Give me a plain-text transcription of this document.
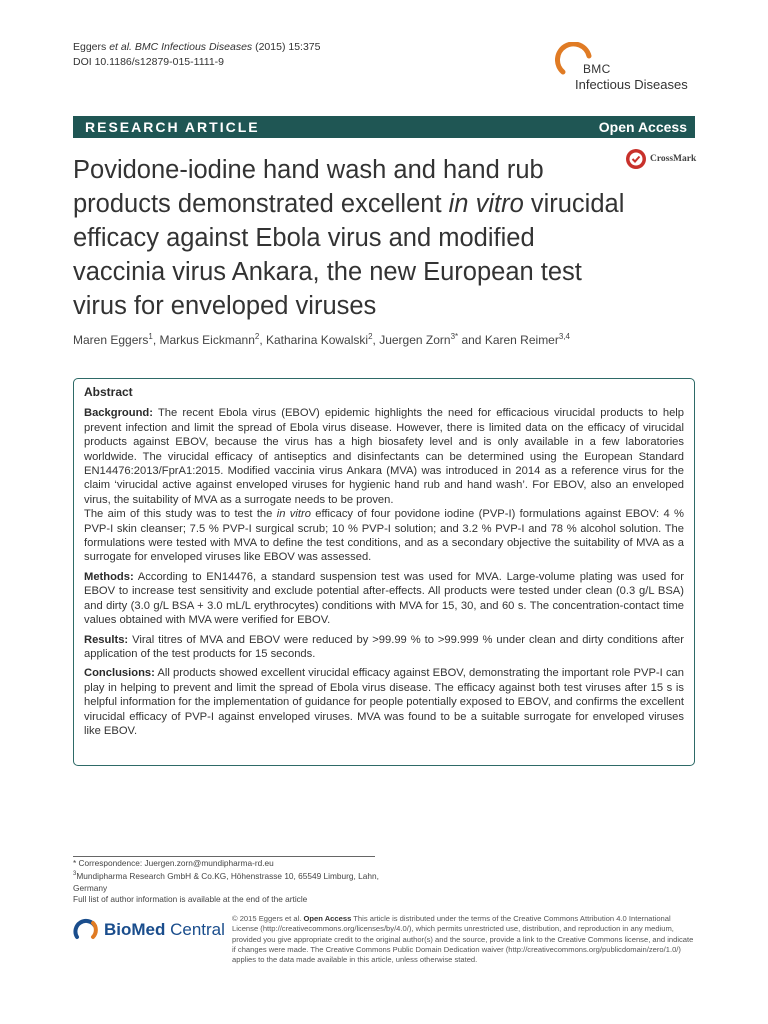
Eggers et al. BMC Infectious Diseases (2015) 15:375
DOI 10.1186/s12879-015-1111-9	BMC
Infectious Diseases
RESEARCH ARTICLE	Open Access
CrossMark
Povidone-iodine hand wash and hand rub products demonstrated excellent in vitro virucidal efficacy against Ebola virus and modified vaccinia virus Ankara, the new European test virus for enveloped viruses
Maren Eggers$^1$, Markus Eickmann$^2$, Katharina Kowalski$^2$, Juergen Zorn$^{3*}$ and Karen Reimer$^{3,4}$
Abstract

Background: The recent Ebola virus (EBOV) epidemic highlights the need for efficacious virucidal products to help prevent infection and limit the spread of Ebola virus disease. However, there is limited data on the efficacy of virucidal products against EBOV, because the virus has a high biosafety level and is only available in a few laboratories worldwide. The virucidal efficacy of antiseptics and disinfectants can be determined using the European Standard EN14476:2013/FprA1:2015. Modified vaccinia virus Ankara (MVA) was introduced in 2014 as a reference virus for the claim ‘virucidal active against enveloped viruses for hygienic hand rub and hand wash’. For EBOV, also an enveloped virus, the suitability of MVA as a surrogate needs to be proven.

The aim of this study was to test the in vitro efficacy of four povidone iodine (PVP-I) formulations against EBOV: 4 % PVP-I skin cleanser; 7.5 % PVP-I surgical scrub; 10 % PVP-I solution; and 3.2 % PVP-I and 78 % alcohol solution. The formulations were tested with MVA to define the test conditions, and as a secondary objective the suitability of MVA as a surrogate for enveloped viruses like EBOV was assessed.

Methods: According to EN14476, a standard suspension test was used for MVA. Large-volume plating was used for EBOV to increase test sensitivity and exclude potential after-effects. All products were tested under clean (0.3 g/L BSA) and dirty (3.0 g/L BSA + 3.0 mL/L erythrocytes) conditions with MVA for 15, 30, and 60 s. The concentration-contact time values obtained with MVA were verified for EBOV.

Results: Viral titres of MVA and EBOV were reduced by >99.99 % to >99.999 % under clean and dirty conditions after application of the test products for 15 seconds.

Conclusions: All products showed excellent virucidal efficacy against EBOV, demonstrating the important role PVP-I can play in helping to prevent and limit the spread of Ebola virus disease. The efficacy against both test viruses after 15 s is helpful information for the implementation of guidance for people potentially exposed to EBOV, and confirms the excellent virucidal efficacy of PVP-I against enveloped viruses. MVA was found to be a suitable surrogate for enveloped viruses like EBOV.

* Correspondence: Juergen.zorn@mundipharma-rd.eu
$^3$Mundipharma Research GmbH & Co.KG, Höhenstrasse 10, 65549 Limburg, Lahn, Germany
Full list of author information is available at the end of the article
BioMed Central
© 2015 Eggers et al. Open Access This article is distributed under the terms of the Creative Commons Attribution 4.0 International License (http://creativecommons.org/licenses/by/4.0/), which permits unrestricted use, distribution, and reproduction in any medium, provided you give appropriate credit to the original author(s) and the source, provide a link to the Creative Commons license, and indicate if changes were made. The Creative Commons Public Domain Dedication waiver (http://creativecommons.org/publicdomain/zero/1.0/) applies to the data made available in this article, unless otherwise stated.
